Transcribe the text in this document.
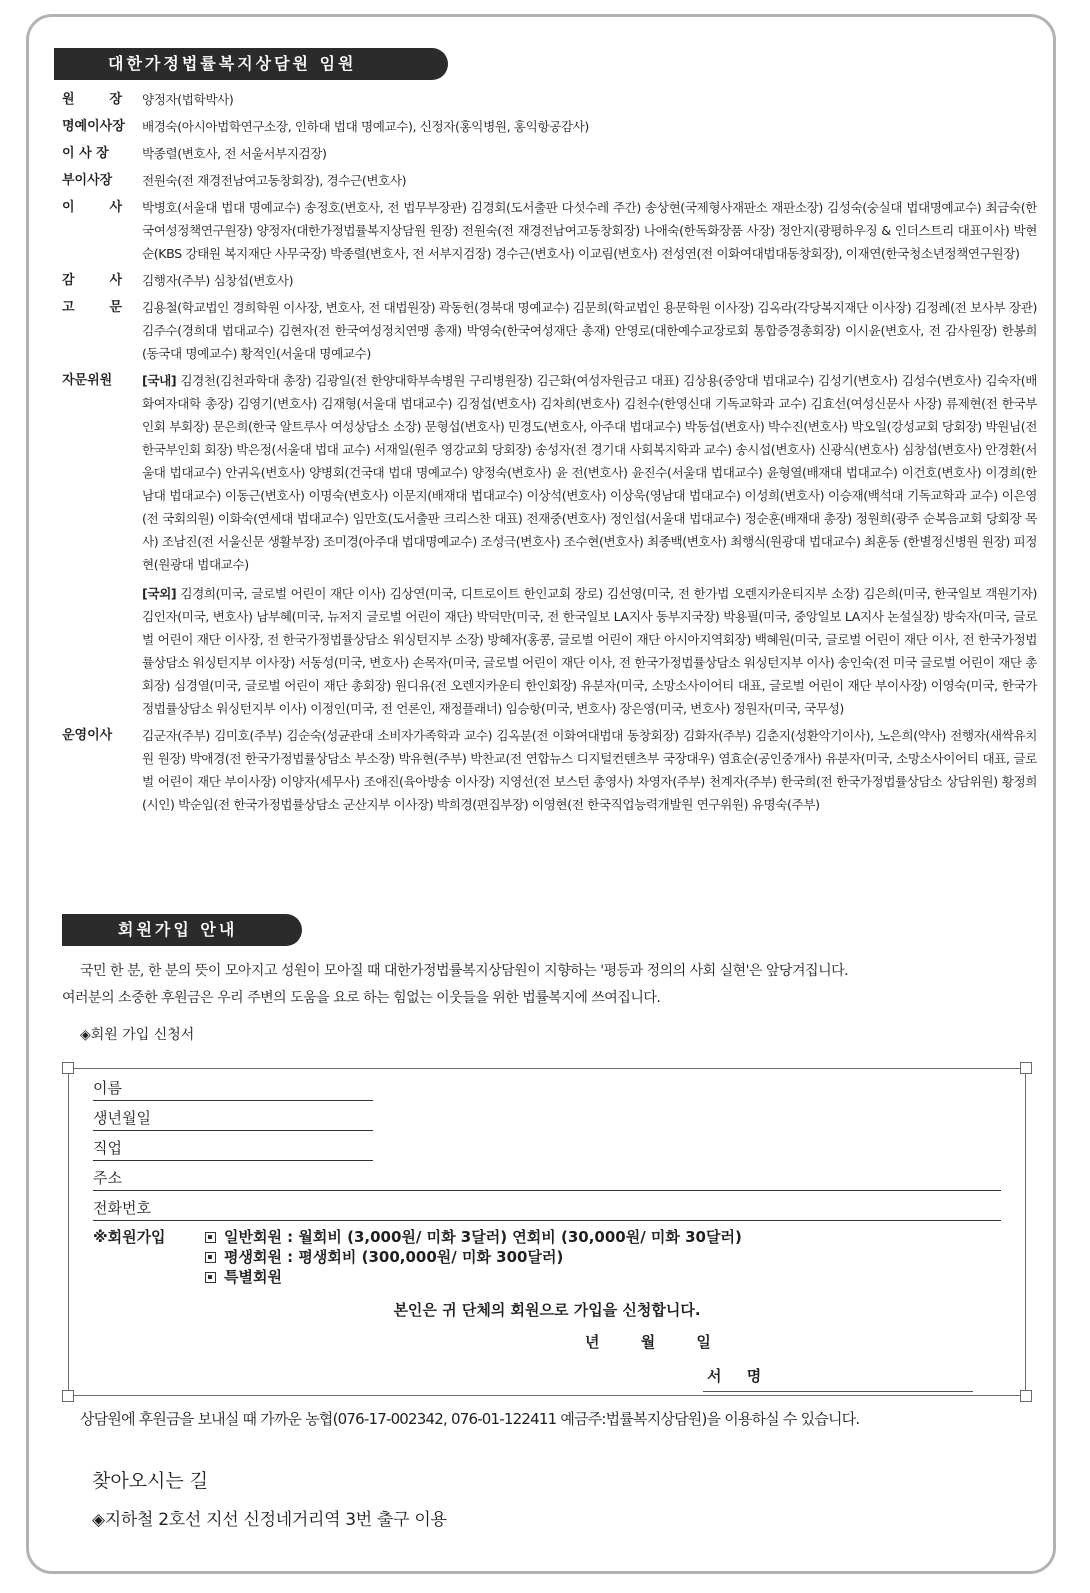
대한가정법률복지상담원 임원
원	장 양정자(법학박사)
명예이사장	배경숙(아시아법학연구소장, 인하대 법대 명예교수), 신정자(홍익병원, 홍익항공감사)
이 사 장	박종렬(변호사, 전 서울서부지검장)
부이사장	전원숙(전 재경전남여고동창회장), 경수근(변호사)
이	사 박병호(서울대 법대 명예교수) 송정호(변호사, 전 법무부장관) 김경회(도서출판 다섯수레 주간) 송상현(국제형사재판소 재판소장) 김성숙(숭실대 법대명예교수) 최금숙(한국여성정책연구원장) 양정자(대한가정법률복지상담원 원장) 전원숙(전 재경전남여고동창회장) 나애숙(한독화장품 사장) 정안지(광평하우징 & 인더스트리 대표이사) 박현순(KBS 강태원 복지재단 사무국장) 박종렬(변호사, 전 서부지검장) 경수근(변호사) 이교림(변호사) 전성연(전 이화여대법대동창회장), 이재연(한국청소년정책연구원장)
감	사 김행자(주부) 심창섭(변호사)
고	문 김용철(학교법인 경희학원 이사장, 변호사, 전 대법원장) 곽동헌(경북대 명예교수) 김문희(학교법인 용문학원 이사장) 김옥라(각당복지재단 이사장) 김정례(전 보사부 장관) 김주수(경희대 법대교수) 김현자(전 한국여성정치연맹 총재) 박영숙(한국여성재단 총재) 안영로(대한예수교장로회 통합증경총회장) 이시윤(변호사, 전 감사원장) 한봉희(동국대 명예교수) 황적인(서울대 명예교수)
자문위원	[국내] 김경천(김천과학대 총장) 김광일(전 한양대학부속병원 구리병원장) 김근화(여성자원금고 대표) 김상용(중앙대 법대교수) 김성기(변호사) 김성수(변호사) 김숙자(배화여자대학 총장) 김영기(변호사) 김재형(서울대 법대교수) 김정섭(변호사) 김차희(변호사) 김천수(한영신대 기독교학과 교수) 김효선(여성신문사 사장) 류제현(전 한국부인회 부회장) 문은희(한국 알트루사 여성상담소 소장) 문형섭(변호사) 민경도(변호사, 아주대 법대교수) 박동섭(변호사) 박수진(변호사) 박오일(강성교회 당회장) 박원님(전 한국부인회 회장) 박은정(서울대 법대 교수) 서재일(원주 영강교회 당회장) 송성자(전 경기대 사회복지학과 교수) 송시섭(변호사) 신광식(변호사) 심창섭(변호사) 안경환(서울대 법대교수) 안귀옥(변호사) 양병회(건국대 법대 명예교수) 양정숙(변호사) 윤 전(변호사) 윤진수(서울대 법대교수) 윤형열(배재대 법대교수) 이건호(변호사) 이경희(한남대 법대교수) 이동근(변호사) 이명숙(변호사) 이문지(배재대 법대교수) 이상석(변호사) 이상욱(영남대 법대교수) 이성희(변호사) 이승재(백석대 기독교학과 교수) 이은영(전 국회의원) 이화숙(연세대 법대교수) 임만호(도서출판 크리스찬 대표) 전재중(변호사) 정인섭(서울대 법대교수) 정순훈(배재대 총장) 정원희(광주 순복음교회 당회장 목사) 조남진(전 서울신문 생활부장) 조미경(아주대 법대명예교수) 조성극(변호사) 조수현(변호사) 최종백(변호사) 최행식(원광대 법대교수) 최훈동 (한별정신병원 원장) 피정현(원광대 법대교수)
[국외] 김경희(미국, 글로벌 어린이 재단 이사) 김상연(미국, 디트로이트 한인교회 장로) 김선영(미국, 전 한가법 오렌지카운티지부 소장) 김은희(미국, 한국일보 객원기자) 김인자(미국, 변호사) 남부혜(미국, 뉴저지 글로벌 어린이 재단) 박덕만(미국, 전 한국일보 LA지사 동부지국장) 박용필(미국, 중앙일보 LA지사 논설실장) 방숙자(미국, 글로벌 어린이 재단 이사장, 전 한국가정법률상담소 워싱턴지부 소장) 방혜자(홍콩, 글로벌 어린이 재단 아시아지역회장) 백혜원(미국, 글로벌 어린이 재단 이사, 전 한국가정법률상담소 워싱턴지부 이사장) 서동성(미국, 변호사) 손목자(미국, 글로벌 어린이 재단 이사, 전 한국가정법률상담소 워싱턴지부 이사) 송인숙(전 미국 글로벌 어린이 재단 총회장) 심경열(미국, 글로벌 어린이 재단 총회장) 원디유(전 오렌지카운티 한인회장) 유분자(미국, 소망소사이어티 대표, 글로벌 어린이 재단 부이사장) 이영숙(미국, 한국가정법률상담소 워싱턴지부 이사) 이정인(미국, 전 언론인, 재정플래너) 임승항(미국, 변호사) 장은영(미국, 변호사) 정원자(미국, 국무성)
운영이사	김군자(주부) 김미호(주부) 김순숙(성균관대 소비자가족학과 교수) 김옥분(전 이화여대법대 동창회장) 김화자(주부) 김춘지(성환악기이사), 노은희(약사) 전행자(새싹유치원 원장) 박애경(전 한국가정법률상담소 부소장) 박유현(주부) 박찬교(전 연합뉴스 디지털컨텐츠부 국장대우) 염효순(공인중개사) 유분자(미국, 소망소사이어티 대표, 글로벌 어린이 재단 부이사장) 이양자(세무사) 조애진(육아방송 이사장) 지영선(전 보스턴 총영사) 차영자(주부) 천계자(주부) 한국희(전 한국가정법률상담소 상담위원) 황정희(시인) 박순임(전 한국가정법률상담소 군산지부 이사장) 박희경(편집부장) 이영현(전 한국직업능력개발원 연구위원) 유명숙(주부)
회원가입 안내

국민 한 분, 한 분의 뜻이 모아지고 성원이 모아질 때 대한가정법률복지상담원이 지향하는 '평등과 정의의 사회 실현'은 앞당겨집니다.

여러분의 소중한 후원금은 우리 주변의 도움을 요로 하는 힘없는 이웃들을 위한 법률복지에 쓰여집니다.

◈회원 가입 신청서
이름
생년월일
직업
주소
전화번호
※회원가입	일반회원 : 월회비 (3,000원/ 미화 3달러) 연회비 (30,000원/ 미화 30달러)
평생회원 : 평생회비 (300,000원/ 미화 300달러)
특별회원
본인은 귀 단체의 회원으로 가입을 신청합니다.
년 월 일
서 명
상담원에 후원금을 보내실 때 가까운 농협(076-17-002342, 076-01-122411 예금주:법률복지상담원)을 이용하실 수 있습니다.
찾아오시는 길
◈지하철 2호선 지선 신정네거리역 3번 출구 이용
